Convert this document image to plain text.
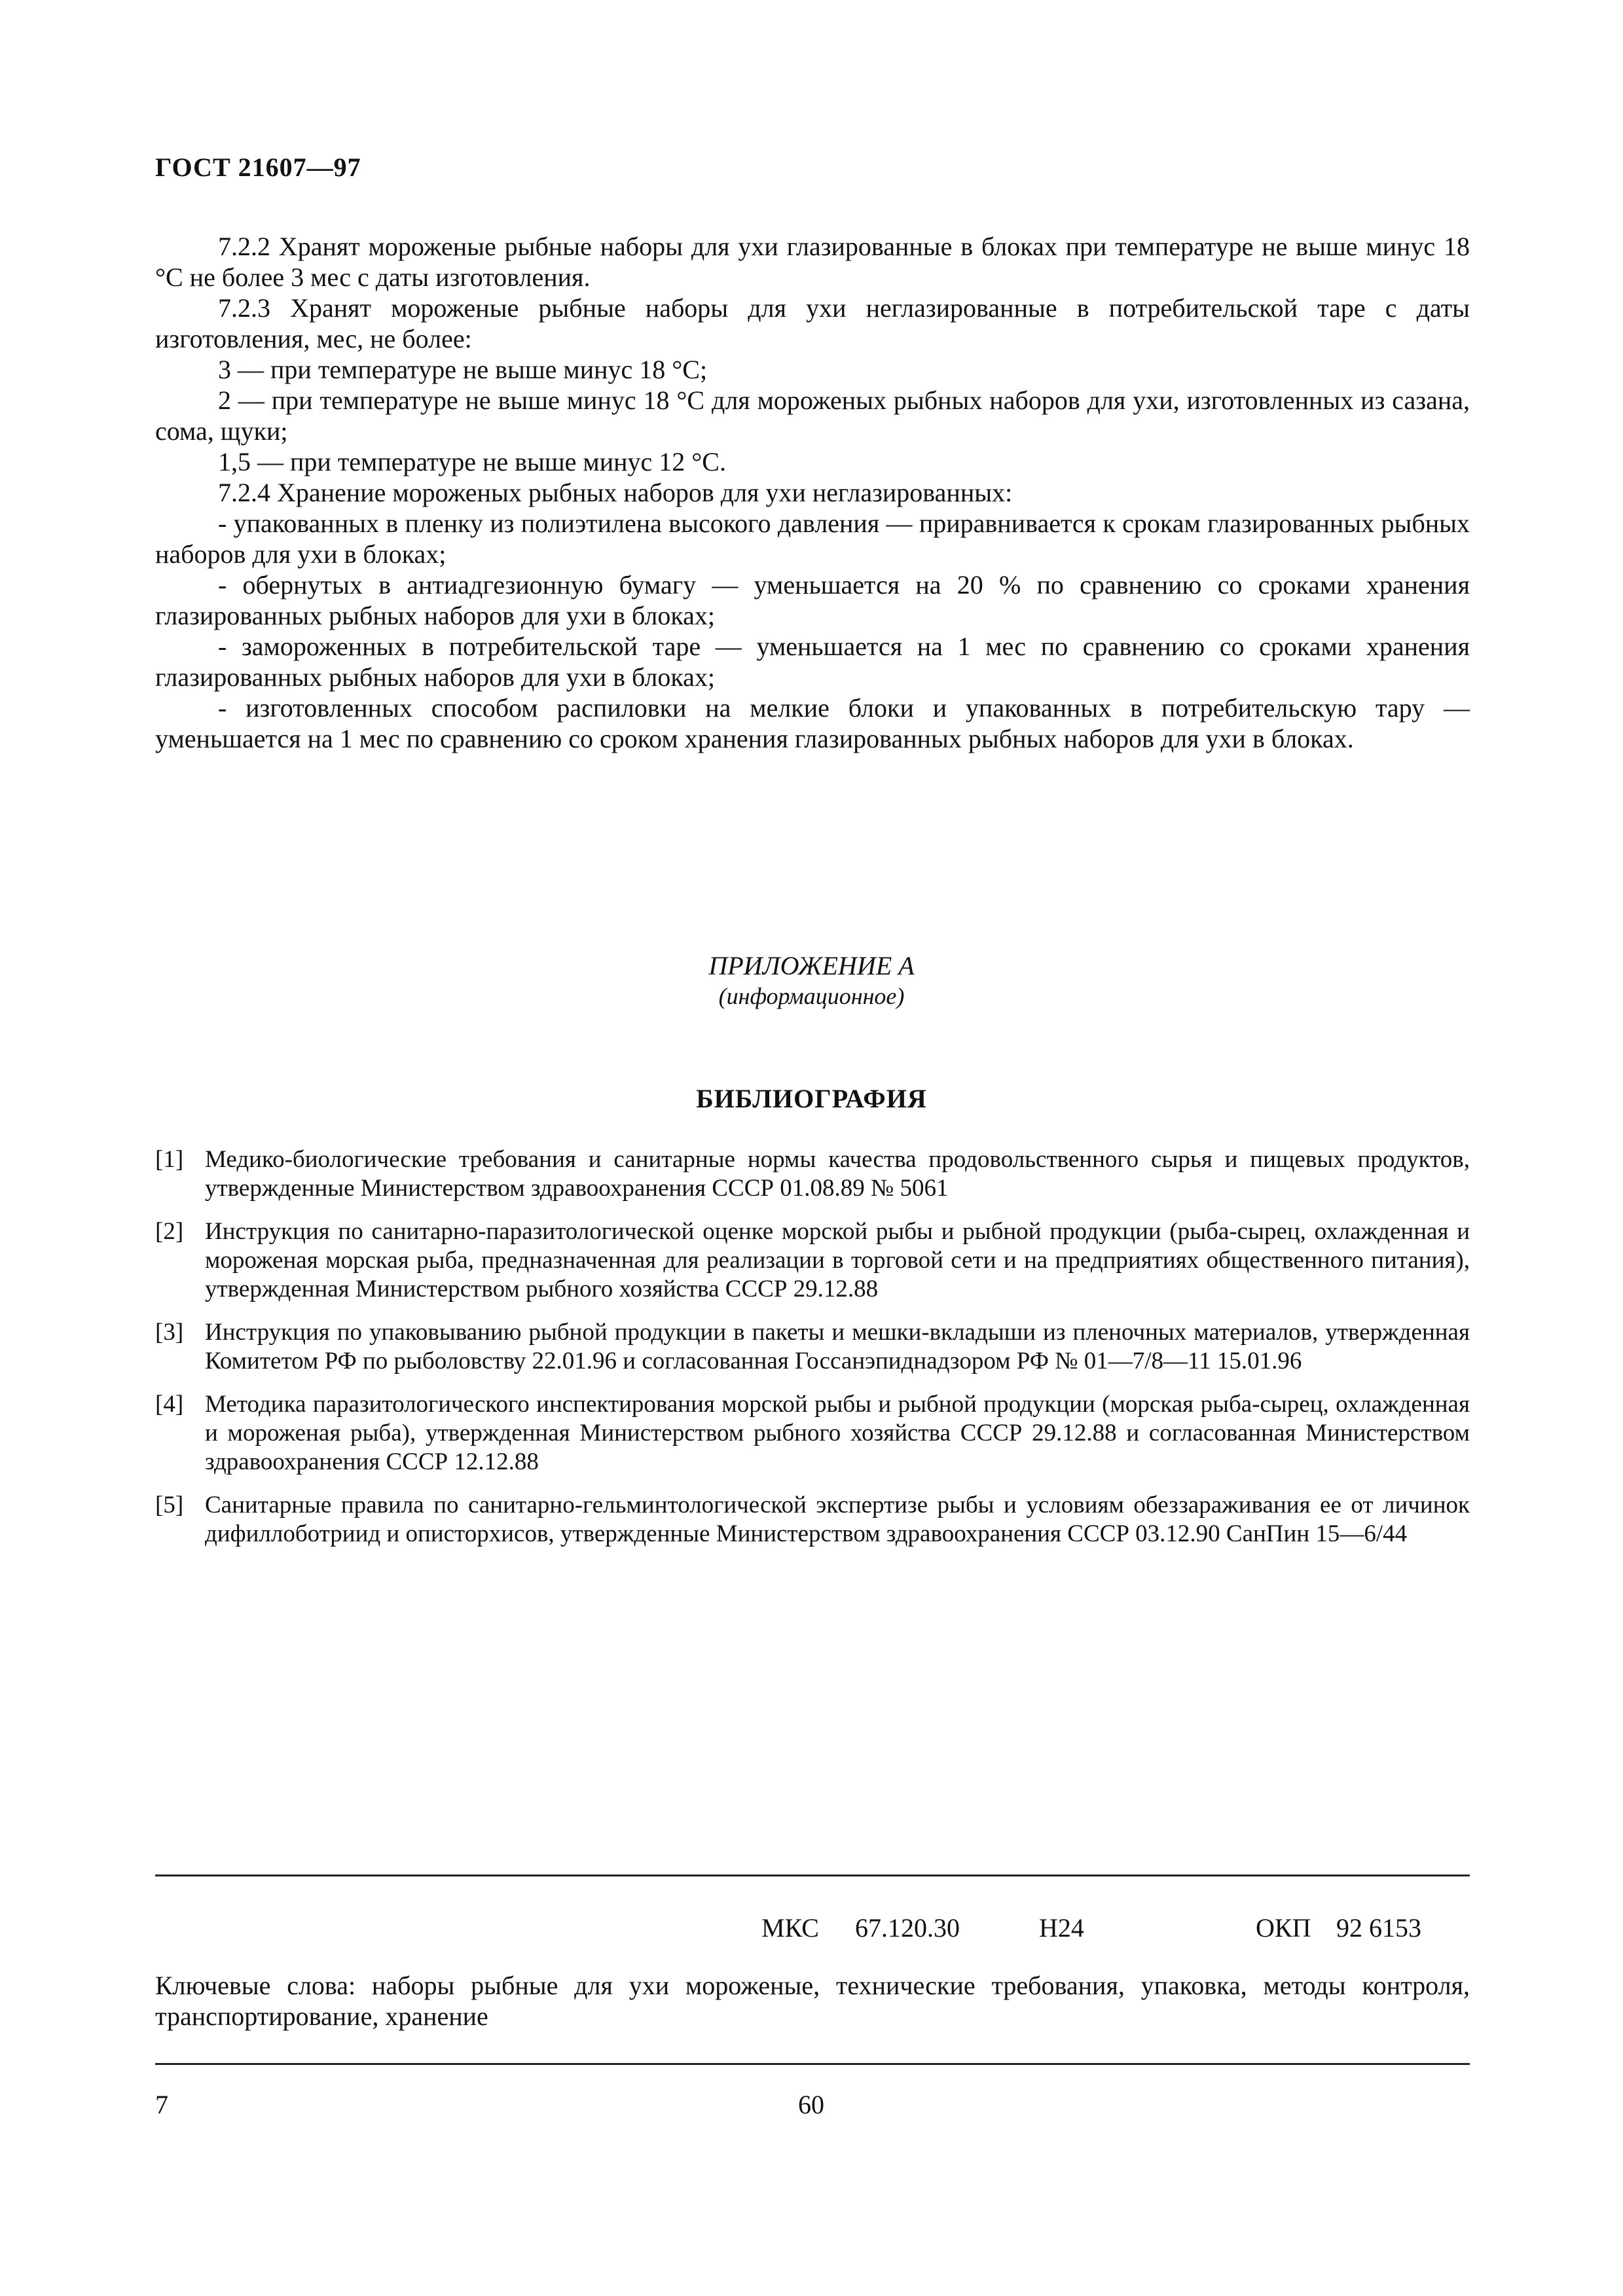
ГОСТ 21607—97

7.2.2 Хранят мороженые рыбные наборы для ухи глазированные в блоках при температуре не выше минус 18 °С не более 3 мес с даты изготовления.

7.2.3 Хранят мороженые рыбные наборы для ухи неглазированные в потребительской таре с даты изготовления, мес, не более:

3 — при температуре не выше минус 18 °С;

2 — при температуре не выше минус 18 °С для мороженых рыбных наборов для ухи, изготовленных из сазана, сома, щуки;

1,5 — при температуре не выше минус 12 °С.

7.2.4 Хранение мороженых рыбных наборов для ухи неглазированных:

- упакованных в пленку из полиэтилена высокого давления — приравнивается к срокам глазированных рыбных наборов для ухи в блоках;

- обернутых в антиадгезионную бумагу — уменьшается на 20 % по сравнению со сроками хранения глазированных рыбных наборов для ухи в блоках;

- замороженных в потребительской таре — уменьшается на 1 мес по сравнению со сроками хранения глазированных рыбных наборов для ухи в блоках;

- изготовленных способом распиловки на мелкие блоки и упакованных в потребительскую тару — уменьшается на 1 мес по сравнению со сроком хранения глазированных рыбных наборов для ухи в блоках.

ПРИЛОЖЕНИЕ А
(информационное)
БИБЛИОГРАФИЯ
[1] Медико-биологические требования и санитарные нормы качества продовольственного сырья и пищевых продуктов, утвержденные Министерством здравоохранения СССР 01.08.89 № 5061
[2] Инструкция по санитарно-паразитологической оценке морской рыбы и рыбной продукции (рыба-сырец, охлажденная и мороженая морская рыба, предназначенная для реализации в торговой сети и на предприятиях общественного питания), утвержденная Министерством рыбного хозяйства СССР 29.12.88
[3] Инструкция по упаковыванию рыбной продукции в пакеты и мешки-вкладыши из пленочных материалов, утвержденная Комитетом РФ по рыболовству 22.01.96 и согласованная Госсанэпиднадзором РФ № 01—7/8—11 15.01.96
[4] Методика паразитологического инспектирования морской рыбы и рыбной продукции (морская рыба-сырец, охлажденная и мороженая рыба), утвержденная Министерством рыбного хозяйства СССР 29.12.88 и согласованная Министерством здравоохранения СССР 12.12.88
[5] Санитарные правила по санитарно-гельминтологической экспертизе рыбы и условиям обеззараживания ее от личинок дифиллоботриид и описторхисов, утвержденные Министерством здравоохранения СССР 03.12.90 СанПин 15—6/44
МКС 67.120.30	Н24	ОКП 92 6153
Ключевые слова: наборы рыбные для ухи мороженые, технические требования, упаковка, методы контроля, транспортирование, хранение
7	60
